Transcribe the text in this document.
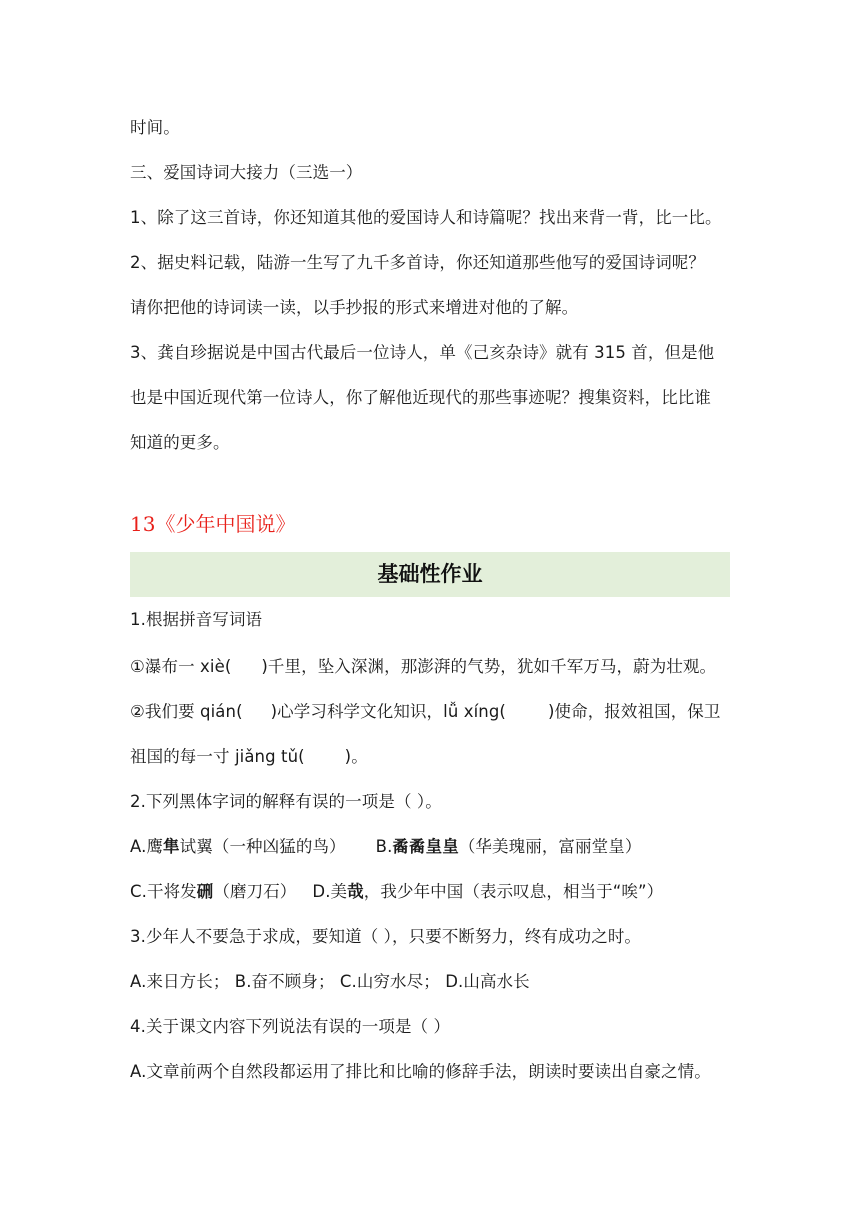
时间。
三、爱国诗词大接力（三选一）
1、除了这三首诗，你还知道其他的爱国诗人和诗篇呢？找出来背一背，比一比。
2、据史料记载，陆游一生写了九千多首诗，你还知道那些他写的爱国诗词呢？
请你把他的诗词读一读，以手抄报的形式来增进对他的了解。
3、龚自珍据说是中国古代最后一位诗人，单《己亥杂诗》就有 315 首，但是他
也是中国近现代第一位诗人，你了解他近现代的那些事迹呢？搜集资料，比比谁
知道的更多。
13《少年中国说》
基础性作业
1.根据拼音写词语
①瀑布一 xiè( )千里，坠入深渊，那澎湃的气势，犹如千军万马，蔚为壮观。
②我们要 qián( )心学习科学文化知识，lǚ xíng(	)使命，报效祖国，保卫
祖国的每一寸 jiǎng tǔ( )。
2.下列黑体字词的解释有误的一项是（ ）。
A.鹰隼试翼（一种凶猛的鸟） B.矞矞皇皇（华美瑰丽，富丽堂皇）
C.干将发硎（磨刀石） D.美哉，我少年中国（表示叹息，相当于“唉”）
3.少年人不要急于求成，要知道（ ），只要不断努力，终有成功之时。
A.来日方长； B.奋不顾身； C.山穷水尽； D.山高水长
4.关于课文内容下列说法有误的一项是（ ）
A.文章前两个自然段都运用了排比和比喻的修辞手法，朗读时要读出自豪之情。
